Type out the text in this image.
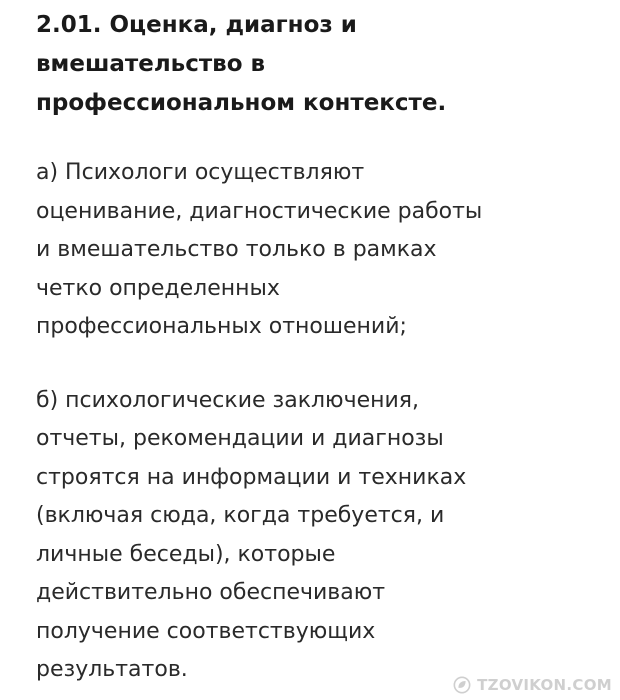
2.01. Оценка, диагноз и
вмешательство в
профессиональном контексте.

а) Психологи осуществляют
оценивание, диагностические работы
и вмешательство только в рамках
четко определенных
профессиональных отношений;

б) психологические заключения,
отчеты, рекомендации и диагнозы
строятся на информации и техниках
(включая сюда, когда требуется, и
личные беседы), которые
действительно обеспечивают
получение соответствующих
результатов.

TZOVIKON.COM
